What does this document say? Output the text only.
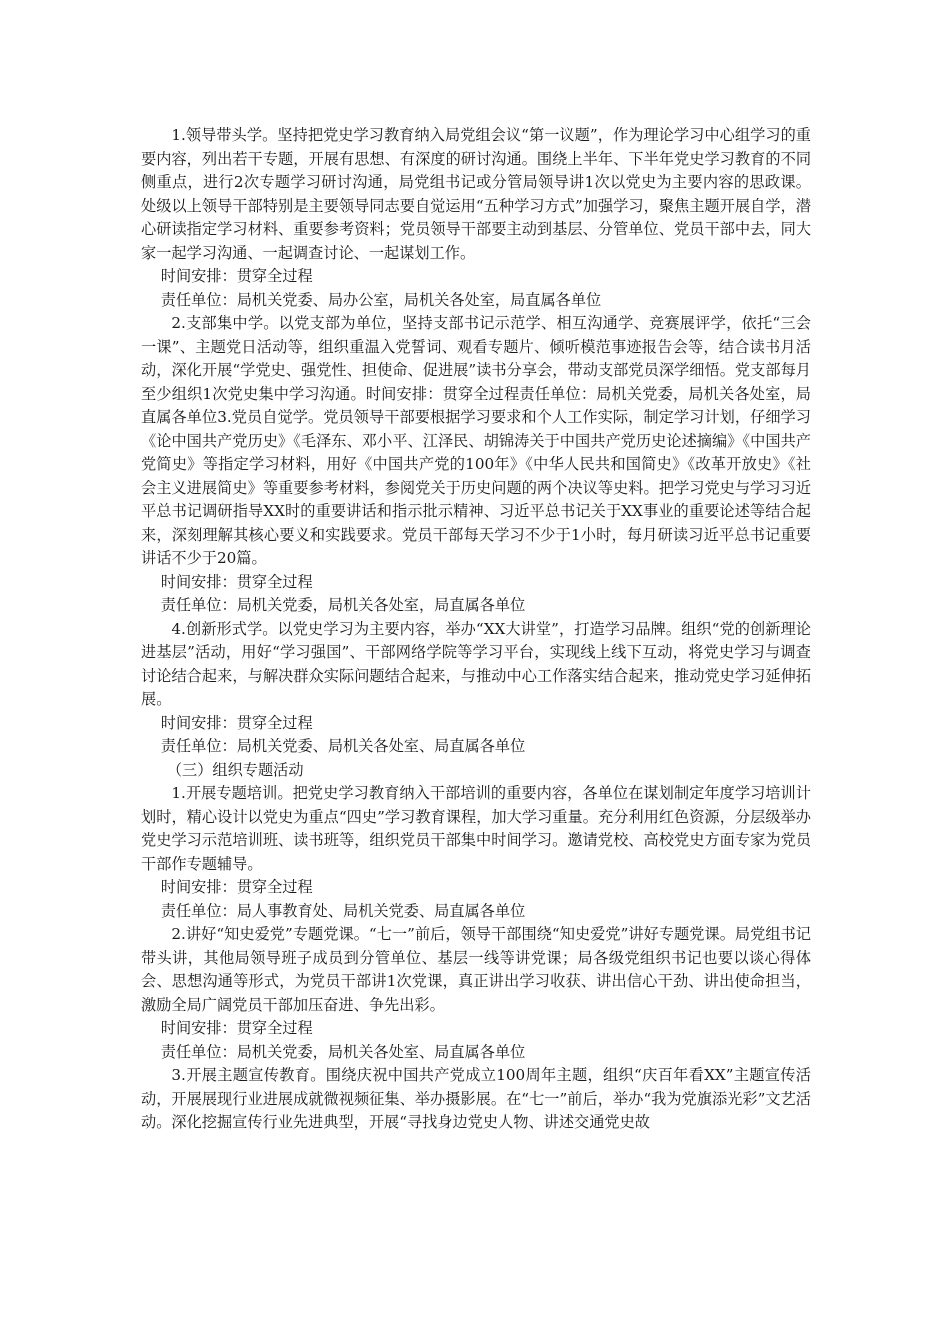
1.领导带头学。坚持把党史学习教育纳入局党组会议“第一议题”，作为理论学习中心组学习的重要内容，列出若干专题，开展有思想、有深度的研讨沟通。围绕上半年、下半年党史学习教育的不同侧重点，进行2次专题学习研讨沟通，局党组书记或分管局领导讲1次以党史为主要内容的思政课。处级以上领导干部特别是主要领导同志要自觉运用“五种学习方式”加强学习，聚焦主题开展自学，潜心研读指定学习材料、重要参考资料；党员领导干部要主动到基层、分管单位、党员干部中去，同大家一起学习沟通、一起调查讨论、一起谋划工作。

时间安排：贯穿全过程

责任单位：局机关党委、局办公室，局机关各处室，局直属各单位

2.支部集中学。以党支部为单位，坚持支部书记示范学、相互沟通学、竞赛展评学，依托“三会一课”、主题党日活动等，组织重温入党誓词、观看专题片、倾听模范事迹报告会等，结合读书月活动，深化开展“学党史、强党性、担使命、促进展”读书分享会，带动支部党员深学细悟。党支部每月至少组织1次党史集中学习沟通。时间安排：贯穿全过程责任单位：局机关党委，局机关各处室，局直属各单位3.党员自觉学。党员领导干部要根据学习要求和个人工作实际，制定学习计划，仔细学习《论中国共产党历史》《毛泽东、邓小平、江泽民、胡锦涛关于中国共产党历史论述摘编》《中国共产党简史》等指定学习材料，用好《中国共产党的100年》《中华人民共和国简史》《改革开放史》《社会主义进展简史》等重要参考材料，参阅党关于历史问题的两个决议等史料。把学习党史与学习习近平总书记调研指导XX时的重要讲话和指示批示精神、习近平总书记关于XX事业的重要论述等结合起来，深刻理解其核心要义和实践要求。党员干部每天学习不少于1小时，每月研读习近平总书记重要讲话不少于20篇。

时间安排：贯穿全过程

责任单位：局机关党委，局机关各处室，局直属各单位

4.创新形式学。以党史学习为主要内容，举办“XX大讲堂”，打造学习品牌。组织“党的创新理论进基层”活动，用好“学习强国”、干部网络学院等学习平台，实现线上线下互动，将党史学习与调查讨论结合起来，与解决群众实际问题结合起来，与推动中心工作落实结合起来，推动党史学习延伸拓展。

时间安排：贯穿全过程

责任单位：局机关党委、局机关各处室、局直属各单位

（三）组织专题活动

1.开展专题培训。把党史学习教育纳入干部培训的重要内容，各单位在谋划制定年度学习培训计划时，精心设计以党史为重点“四史”学习教育课程，加大学习重量。充分利用红色资源，分层级举办党史学习示范培训班、读书班等，组织党员干部集中时间学习。邀请党校、高校党史方面专家为党员干部作专题辅导。

时间安排：贯穿全过程

责任单位：局人事教育处、局机关党委、局直属各单位

2.讲好“知史爱党”专题党课。“七一”前后，领导干部围绕“知史爱党”讲好专题党课。局党组书记带头讲，其他局领导班子成员到分管单位、基层一线等讲党课；局各级党组织书记也要以谈心得体会、思想沟通等形式，为党员干部讲1次党课，真正讲出学习收获、讲出信心干劲、讲出使命担当，激励全局广阔党员干部加压奋进、争先出彩。

时间安排：贯穿全过程

责任单位：局机关党委，局机关各处室、局直属各单位

3.开展主题宣传教育。围绕庆祝中国共产党成立100周年主题，组织“庆百年看XX”主题宣传活动，开展展现行业进展成就微视频征集、举办摄影展。在“七一”前后，举办“我为党旗添光彩”文艺活动。深化挖掘宣传行业先进典型，开展“寻找身边党史人物、讲述交通党史故
